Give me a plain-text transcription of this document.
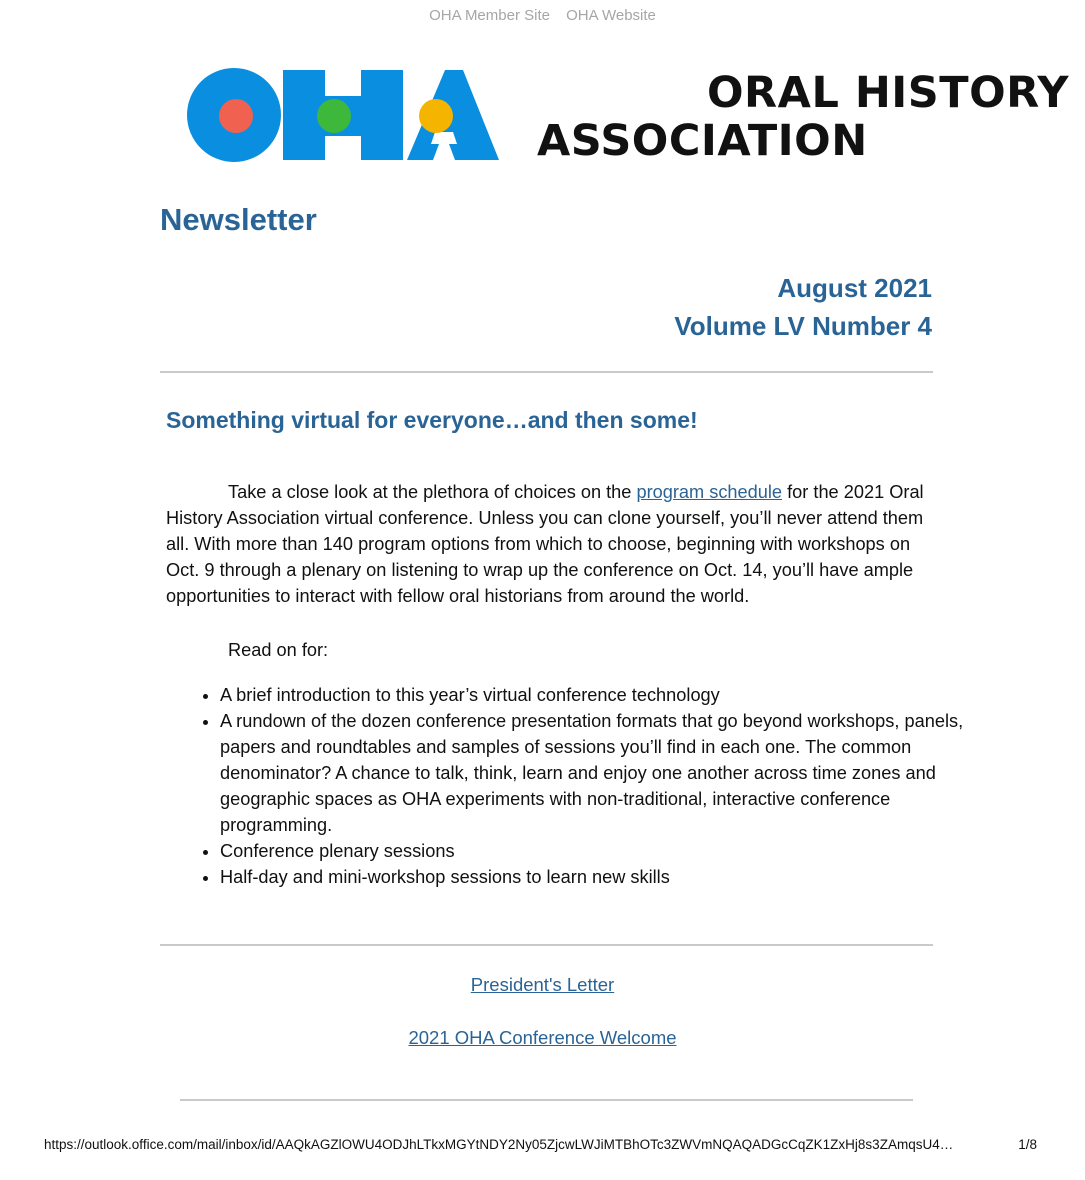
OHA Member Site OHA Website
ORAL HISTORY
ASSOCIATION
Newsletter
August 2021
Volume LV Number 4
Something virtual for everyone…and then some!
Take a close look at the plethora of choices on the program schedule for the 2021 Oral History Association virtual conference. Unless you can clone yourself, you’ll never attend them all. With more than 140 program options from which to choose, beginning with workshops on Oct. 9 through a plenary on listening to wrap up the conference on Oct. 14, you’ll have ample opportunities to interact with fellow oral historians from around the world.
Read on for:
• A brief introduction to this year’s virtual conference technology
• A rundown of the dozen conference presentation formats that go beyond workshops, panels, papers and roundtables and samples of sessions you’ll find in each one. The common denominator? A chance to talk, think, learn and enjoy one another across time zones and geographic spaces as OHA experiments with non-traditional, interactive conference programming.
• Conference plenary sessions
• Half-day and mini-workshop sessions to learn new skills
President's Letter
2021 OHA Conference Welcome
https://outlook.office.com/mail/inbox/id/AAQkAGZlOWU4ODJhLTkxMGYtNDY2Ny05ZjcwLWJiMTBhOTc3ZWVmNQAQADGcCqZK1ZxHj8s3ZAmqsU4…	1/8
